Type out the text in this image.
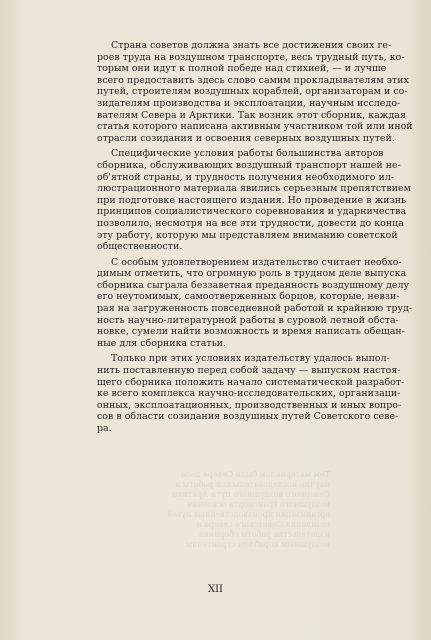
Тем материалом были Севера дело
научно-исследовательской работы и
Северного воздушного пути Арктики
воздушного транспорта освоения
организации производственных путей
созидания Советского севера и
издательства работы сборника
воздушным кораблем строителям

Страна советов должна знать все достижения своих ге-
роев труда на воздушном транспорте, весь трудный путь, ко-
торым они идут к полной победе над стихией, — и лучше
всего предоставить здесь слово самим прокладывателям этих
путей, строителям воздушных кораблей, организаторам и со-
зидателям производства и эксплоатации, научным исследо-
вателям Севера и Арктики. Так возник этот сборник, каждая
статья которого написана активным участником той или иной
отрасли созидания и освоения северных воздушных путей.

Специфические условия работы большинства авторов
сборника, обслуживающих воздушный транспорт нашей не-
об'ятной страны, и трудность получения необходимого ил-
люстрационного материала явились серьезным препятствием
при подготовке настоящего издания. Но проведение в жизнь
принципов социалистического соревнования и ударничества
позволило, несмотря на все эти трудности, довести до конца
эту работу, которую мы представляем вниманию советской
общественности.

С особым удовлетворением издательство считает необхо-
димым отметить, что огромную роль в трудном деле выпуска
сборника сыграла беззаветная преданность воздушному делу
его неутомимых, самоотверженных борцов, которые, невзи-
рая на загруженность повседневной работой и крайнюю труд-
ность научно-литературной работы в суровой летной обста-
новке, сумели найти возможность и время написать обещан-
ные для сборника статьи.

Только при этих условиях издательству удалось выпол-
нить поставленную перед собой задачу — выпуском настоя-
щего сборника положить начало систематической разработ-
ке всего комплекса научно-исследовательских, организаци-
онных, эксплоатационных, производственных и иных вопро-
сов в области созидания воздушных путей Советского севе-
ра.

XII
